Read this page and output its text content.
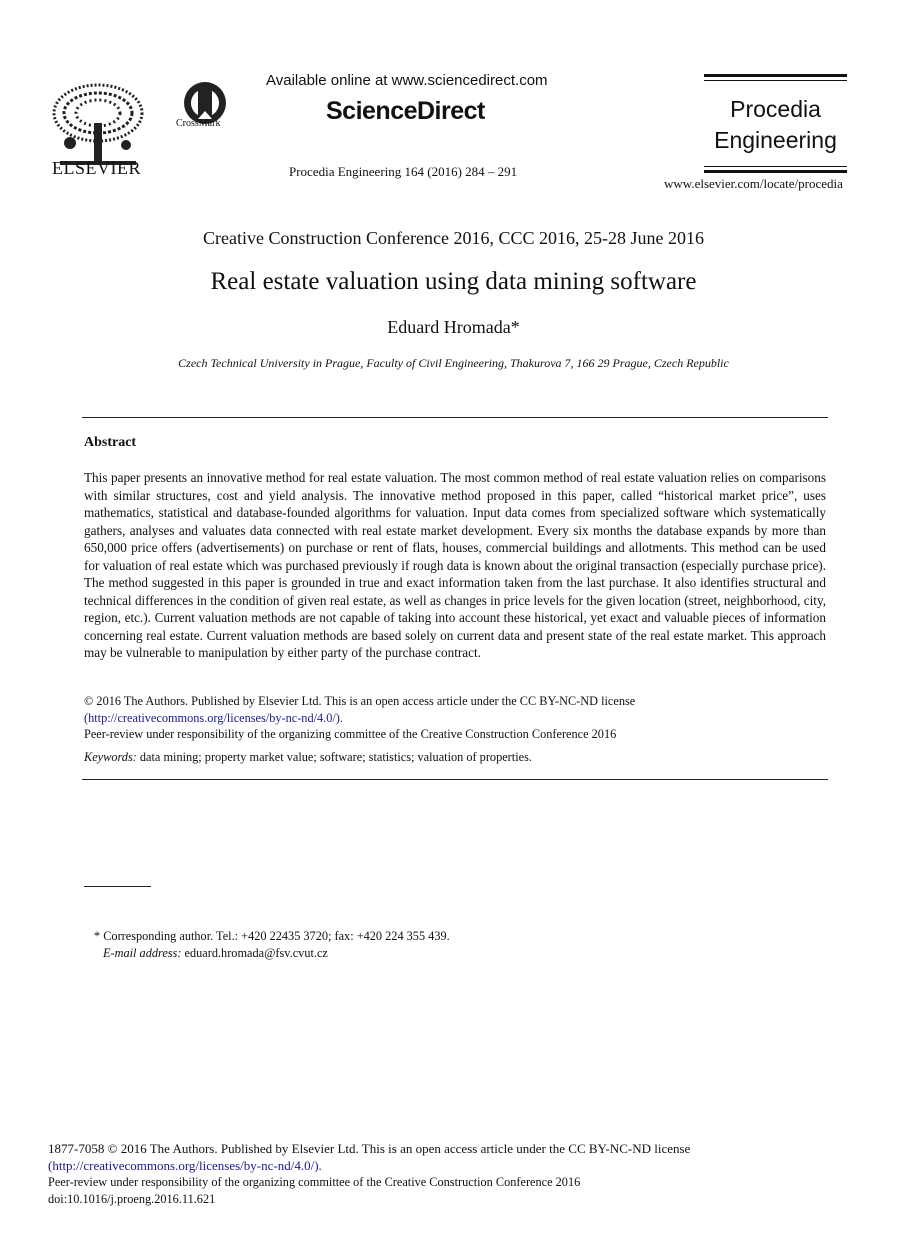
ELSEVIER
CrossMark
Available online at www.sciencedirect.com
ScienceDirect
Procedia Engineering 164 (2016) 284 – 291
Procedia
Engineering
www.elsevier.com/locate/procedia
Creative Construction Conference 2016, CCC 2016, 25-28 June 2016
Real estate valuation using data mining software
Eduard Hromada*
Czech Technical University in Prague, Faculty of Civil Engineering, Thakurova 7, 166 29 Prague, Czech Republic
Abstract
This paper presents an innovative method for real estate valuation. The most common method of real estate valuation relies on comparisons with similar structures, cost and yield analysis. The innovative method proposed in this paper, called “historical market price”, uses mathematics, statistical and database-founded algorithms for valuation. Input data comes from specialized software which systematically gathers, analyses and valuates data connected with real estate market development. Every six months the database expands by more than 650,000 price offers (advertisements) on purchase or rent of flats, houses, commercial buildings and allotments. This method can be used for valuation of real estate which was purchased previously if rough data is known about the original transaction (especially purchase price). The method suggested in this paper is grounded in true and exact information taken from the last purchase. It also identifies structural and technical differences in the condition of given real estate, as well as changes in price levels for the given location (street, neighborhood, city, region, etc.). Current valuation methods are not capable of taking into account these historical, yet exact and valuable pieces of information concerning real estate. Current valuation methods are based solely on current data and present state of the real estate market. This approach may be vulnerable to manipulation by either party of the purchase contract.
© 2016 The Authors. Published by Elsevier Ltd. This is an open access article under the CC BY-NC-ND license
(http://creativecommons.org/licenses/by-nc-nd/4.0/).
Peer-review under responsibility of the organizing committee of the Creative Construction Conference 2016
Keywords: data mining; property market value; software; statistics; valuation of properties.
* Corresponding author. Tel.: +420 22435 3720; fax: +420 224 355 439.
E-mail address: eduard.hromada@fsv.cvut.cz
1877-7058 © 2016 The Authors. Published by Elsevier Ltd. This is an open access article under the CC BY-NC-ND license
(http://creativecommons.org/licenses/by-nc-nd/4.0/).
Peer-review under responsibility of the organizing committee of the Creative Construction Conference 2016
doi:10.1016/j.proeng.2016.11.621
